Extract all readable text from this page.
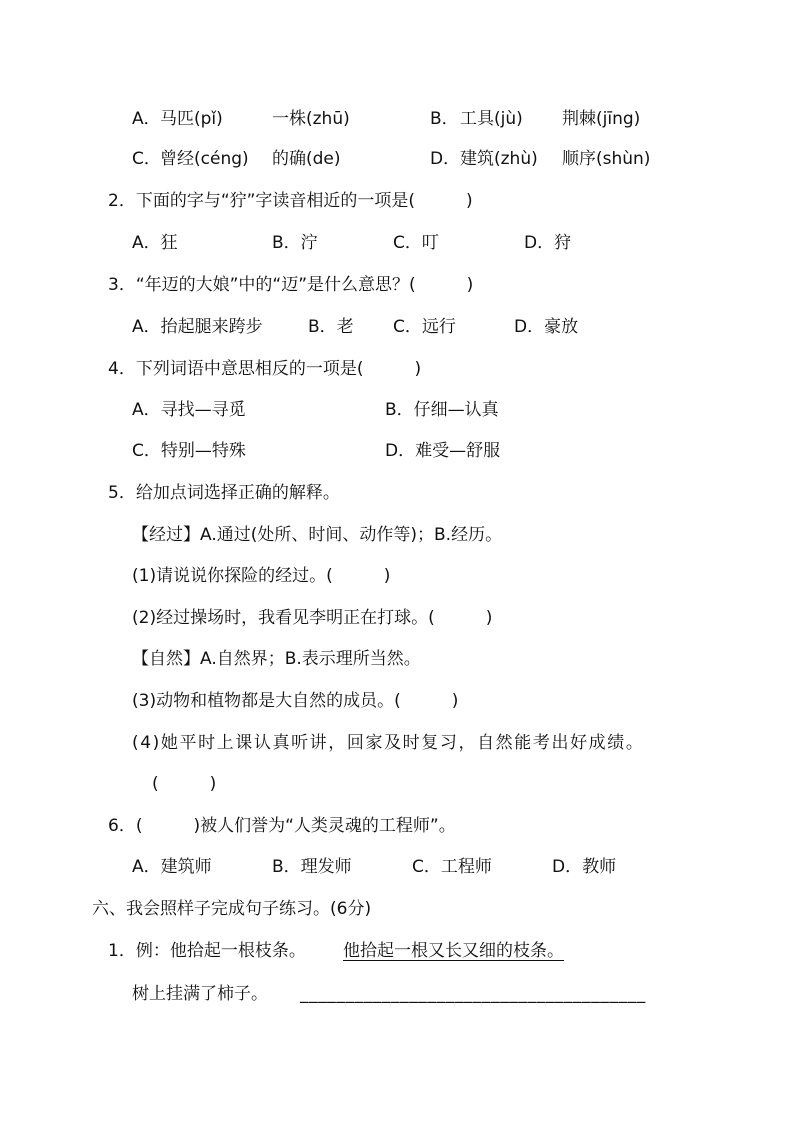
A． 马匹(pǐ)	一株(zhū)	B． 工具(jù) 荆棘(jīng)
C． 曾经(céng) 的确(de)	D． 建筑(zhù) 顺序(shùn)
2．下面的字与“狞”字读音相近的一项是(　　　)
A．狂	B．泞	C．叮	D．狩
3．“年迈的大娘”中的“迈”是什么意思？(　　　)
A．抬起腿来跨步	B．老 C．远行	D．豪放
4．下列词语中意思相反的一项是(　　　)
A．寻找—寻觅	B．仔细—认真
C．特别—特殊	D．难受—舒服
5．给加点词选择正确的解释。
【经过】A.通过(处所、时间、动作等)；B.经历。
(1)请说说你探险的经过。(　　　)
(2)经过操场时，我看见李明正在打球。(　　　)
【自然】A.自然界；B.表示理所当然。
(3)动物和植物都是大自然的成员。(　　　)
(4)她平时上课认真听讲，回家及时复习，自然能考出好成绩。
(　　　)
6．(　　　)被人们誉为“人类灵魂的工程师”。
A．建筑师	B．理发师	C．工程师	D．教师
六、我会照样子完成句子练习。(6分)
1．例：他拾起一根枝条。 他拾起一根又长又细的枝条。
树上挂满了柿子。 ______________________________________
